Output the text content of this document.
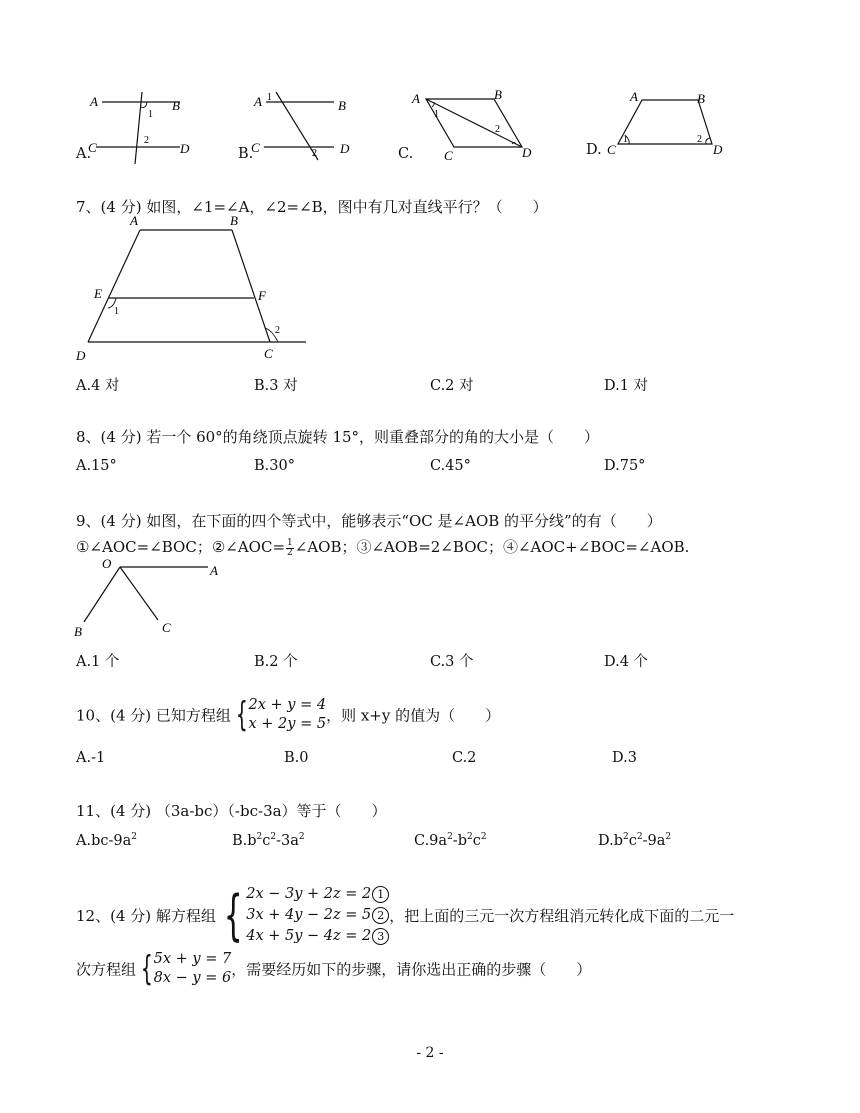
A	B
C	D
1
2
A.
A	B
C	D
1
2
B.
A	B
C	D
1
2
C.
A	B
C	D
1	2
D.
7、(4 分) 如图，∠1=∠A，∠2=∠B，图中有几对直线平行？（　　）
A	B
E	F
D	C
1
2
A.4 对	B.3 对	C.2 对	D.1 对
8、(4 分) 若一个 60°的角绕顶点旋转 15°，则重叠部分的角的大小是（　　）
A.15°	B.30°	C.45°	D.75°
9、(4 分) 如图，在下面的四个等式中，能够表示“OC 是∠AOB 的平分线”的有（　　）
①∠AOC=∠BOC；②∠AOC= $\frac{1}{2}$ ∠AOB；③∠AOB=2∠BOC；④∠AOC+∠BOC=∠AOB.
O	A
B	C
A.1 个	B.2 个	C.3 个	D.4 个
10、(4 分) 已知方程组 { 2x + y = 4
x + 2y = 5 ，则 x+y 的值为（　　）
A.-1	B.0	C.2	D.3
11、(4 分) （3a-bc）（-bc-3a）等于（　　）
$A.bc-9a^2$	$B.b^2c^2-3a^2$	$C.9a^2-b^2c^2$	$D.b^2c^2-9a^2$
12、(4 分) 解方程组 { 2x − 3y + 2z = 2 1
3x + 4y − 2z = 5 2
4x + 5y − 4z = 2 3
，把上面的三元一次方程组消元转化成下面的二元一
次方程组 { 5x + y = 7
8x − y = 6 ，需要经历如下的步骤，请你选出正确的步骤（　　）
- 2 -
